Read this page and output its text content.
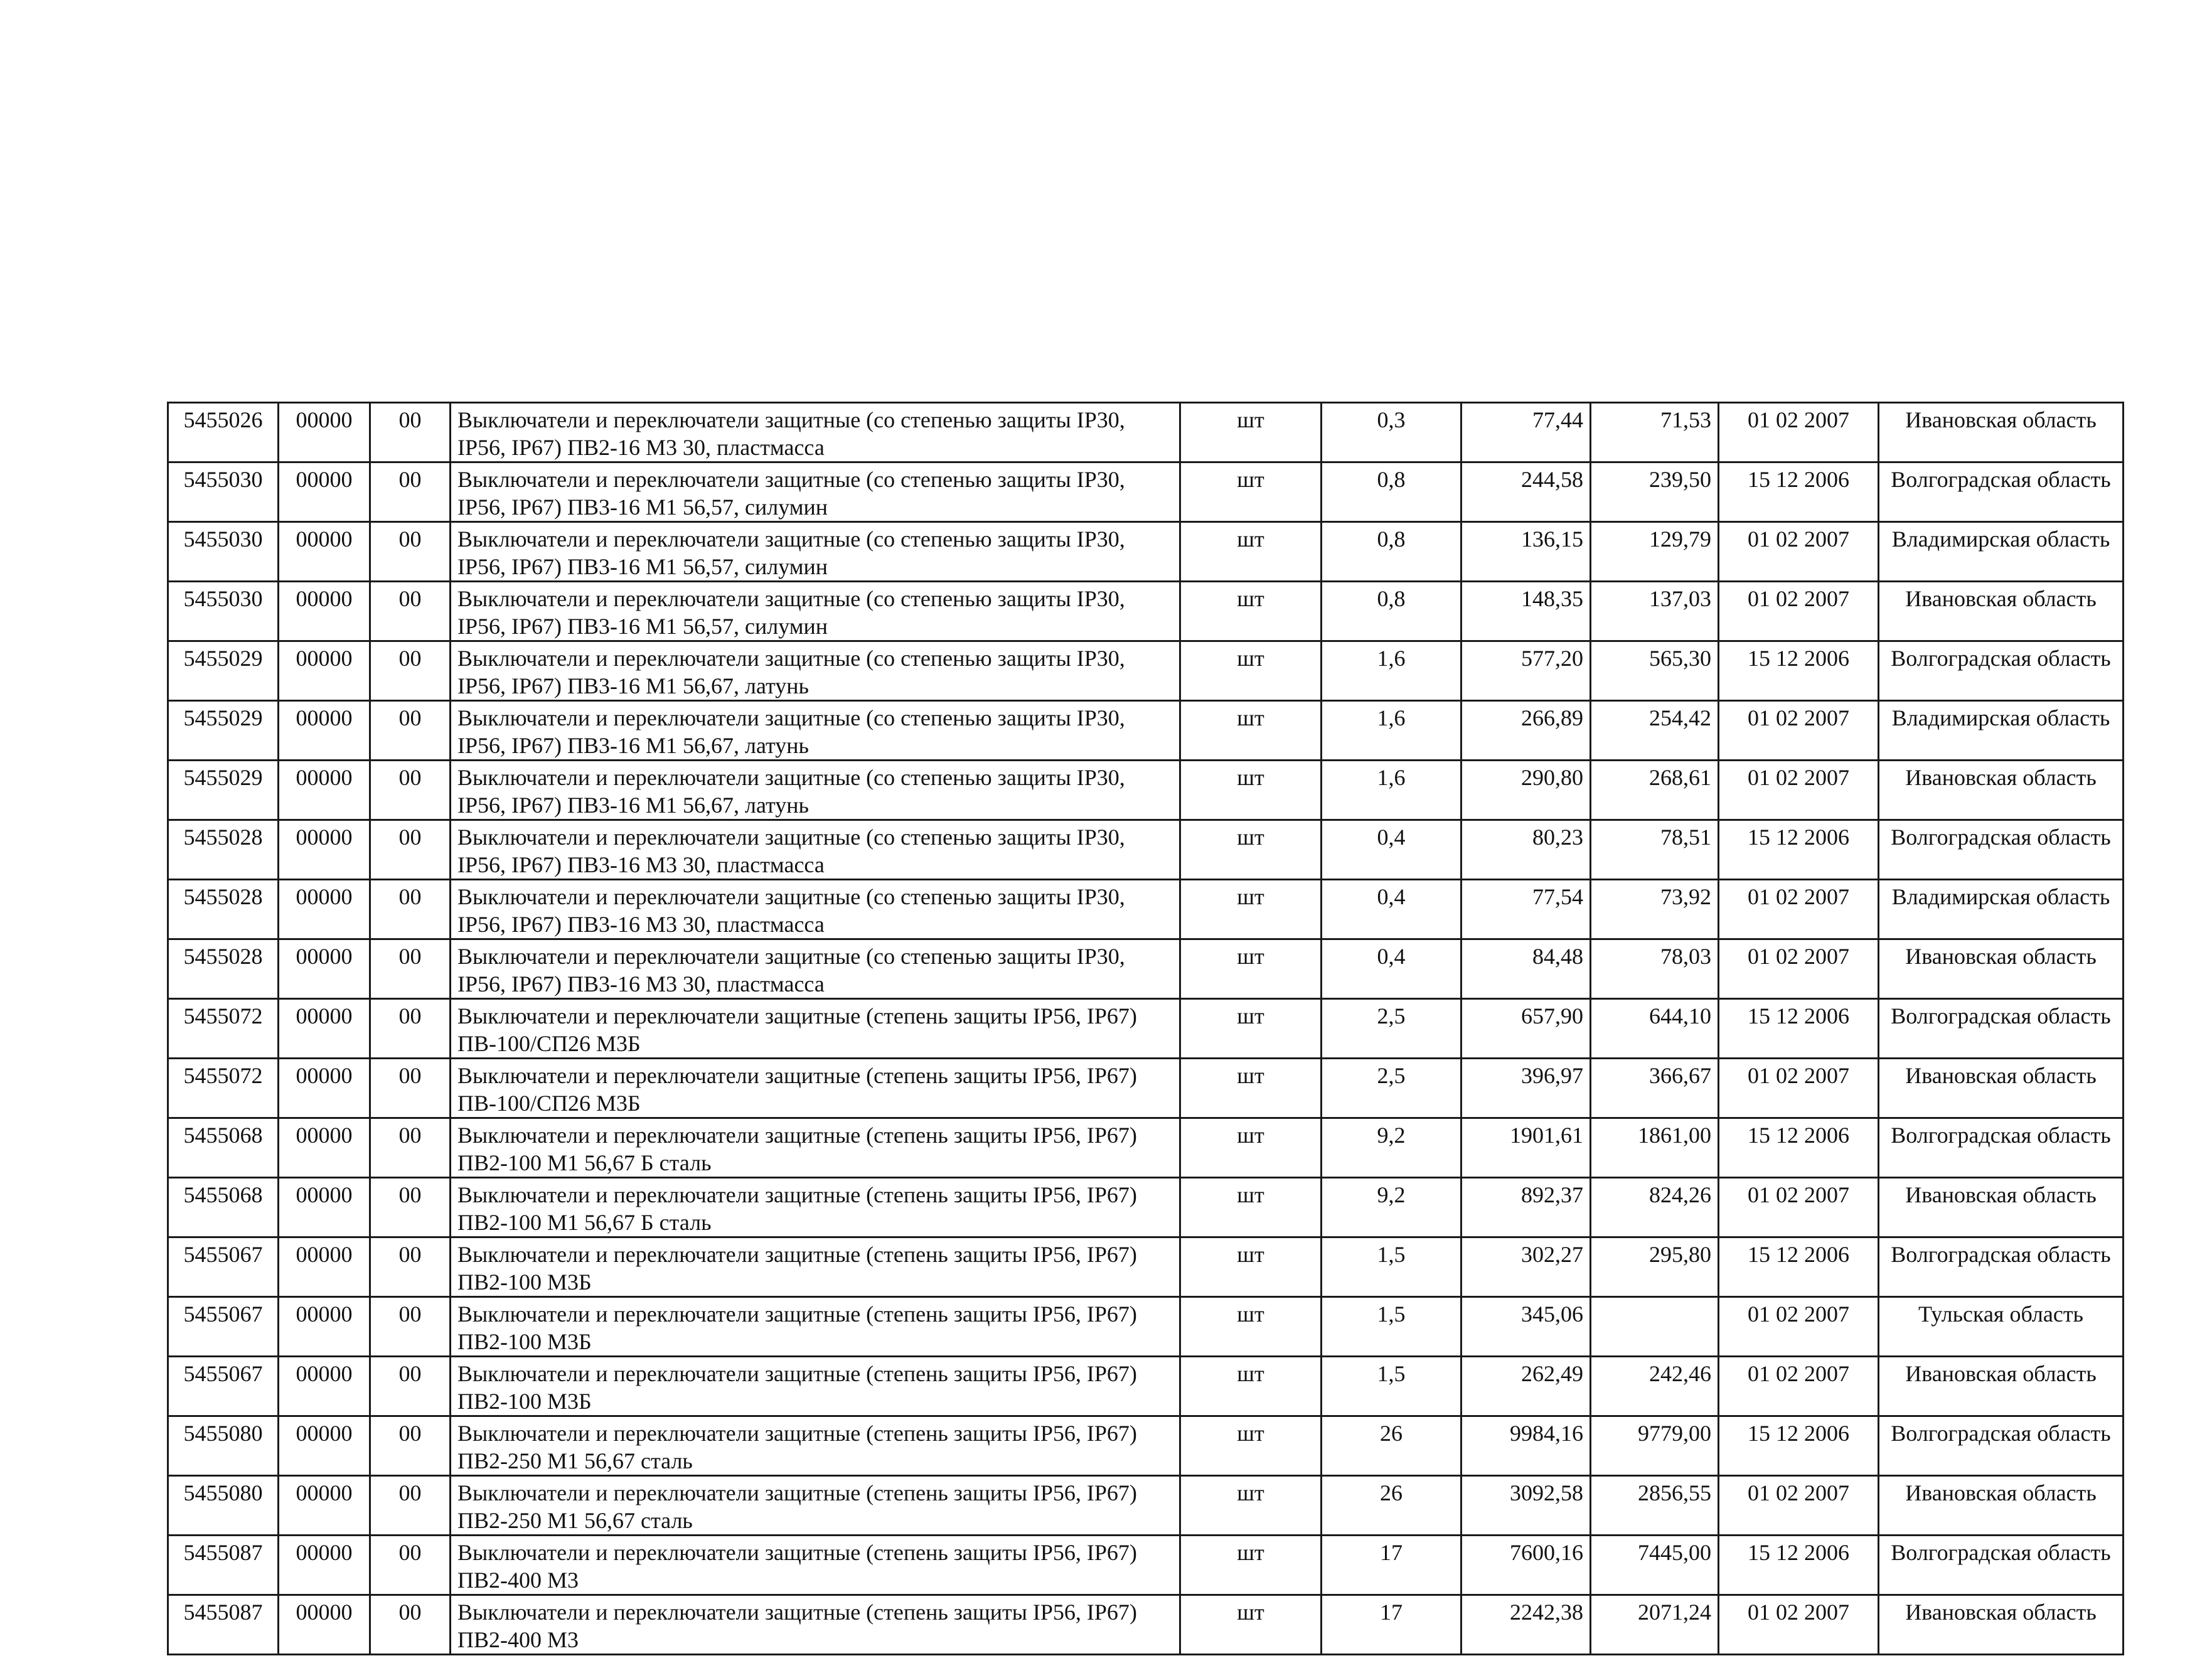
5455026	00000	00	Выключатели и переключатели защитные (со степенью защиты IP30, IP56, IP67) ПВ2-16 М3 30, пластмасса	шт	0,3	77,44	71,53	01 02 2007	Ивановская область
5455030	00000	00	Выключатели и переключатели защитные (со степенью защиты IP30, IP56, IP67) ПВ3-16 М1 56,57, силумин	шт	0,8	244,58	239,50	15 12 2006	Волгоградская область
5455030	00000	00	Выключатели и переключатели защитные (со степенью защиты IP30, IP56, IP67) ПВ3-16 М1 56,57, силумин	шт	0,8	136,15	129,79	01 02 2007	Владимирская область
5455030	00000	00	Выключатели и переключатели защитные (со степенью защиты IP30, IP56, IP67) ПВ3-16 М1 56,57, силумин	шт	0,8	148,35	137,03	01 02 2007	Ивановская область
5455029	00000	00	Выключатели и переключатели защитные (со степенью защиты IP30, IP56, IP67) ПВ3-16 М1 56,67, латунь	шт	1,6	577,20	565,30	15 12 2006	Волгоградская область
5455029	00000	00	Выключатели и переключатели защитные (со степенью защиты IP30, IP56, IP67) ПВ3-16 М1 56,67, латунь	шт	1,6	266,89	254,42	01 02 2007	Владимирская область
5455029	00000	00	Выключатели и переключатели защитные (со степенью защиты IP30, IP56, IP67) ПВ3-16 М1 56,67, латунь	шт	1,6	290,80	268,61	01 02 2007	Ивановская область
5455028	00000	00	Выключатели и переключатели защитные (со степенью защиты IP30, IP56, IP67) ПВ3-16 М3 30, пластмасса	шт	0,4	80,23	78,51	15 12 2006	Волгоградская область
5455028	00000	00	Выключатели и переключатели защитные (со степенью защиты IP30, IP56, IP67) ПВ3-16 М3 30, пластмасса	шт	0,4	77,54	73,92	01 02 2007	Владимирская область
5455028	00000	00	Выключатели и переключатели защитные (со степенью защиты IP30, IP56, IP67) ПВ3-16 М3 30, пластмасса	шт	0,4	84,48	78,03	01 02 2007	Ивановская область
5455072	00000	00	Выключатели и переключатели защитные (степень защиты IP56, IP67) ПВ-100/СП26 М3Б	шт	2,5	657,90	644,10	15 12 2006	Волгоградская область
5455072	00000	00	Выключатели и переключатели защитные (степень защиты IP56, IP67) ПВ-100/СП26 М3Б	шт	2,5	396,97	366,67	01 02 2007	Ивановская область
5455068	00000	00	Выключатели и переключатели защитные (степень защиты IP56, IP67) ПВ2-100 М1 56,67 Б сталь	шт	9,2	1901,61	1861,00	15 12 2006	Волгоградская область
5455068	00000	00	Выключатели и переключатели защитные (степень защиты IP56, IP67) ПВ2-100 М1 56,67 Б сталь	шт	9,2	892,37	824,26	01 02 2007	Ивановская область
5455067	00000	00	Выключатели и переключатели защитные (степень защиты IP56, IP67) ПВ2-100 М3Б	шт	1,5	302,27	295,80	15 12 2006	Волгоградская область
5455067	00000	00	Выключатели и переключатели защитные (степень защиты IP56, IP67) ПВ2-100 М3Б	шт	1,5	345,06		01 02 2007	Тульская область
5455067	00000	00	Выключатели и переключатели защитные (степень защиты IP56, IP67) ПВ2-100 М3Б	шт	1,5	262,49	242,46	01 02 2007	Ивановская область
5455080	00000	00	Выключатели и переключатели защитные (степень защиты IP56, IP67) ПВ2-250 М1 56,67 сталь	шт	26	9984,16	9779,00	15 12 2006	Волгоградская область
5455080	00000	00	Выключатели и переключатели защитные (степень защиты IP56, IP67) ПВ2-250 М1 56,67 сталь	шт	26	3092,58	2856,55	01 02 2007	Ивановская область
5455087	00000	00	Выключатели и переключатели защитные (степень защиты IP56, IP67) ПВ2-400 М3	шт	17	7600,16	7445,00	15 12 2006	Волгоградская область
5455087	00000	00	Выключатели и переключатели защитные (степень защиты IP56, IP67) ПВ2-400 М3	шт	17	2242,38	2071,24	01 02 2007	Ивановская область
